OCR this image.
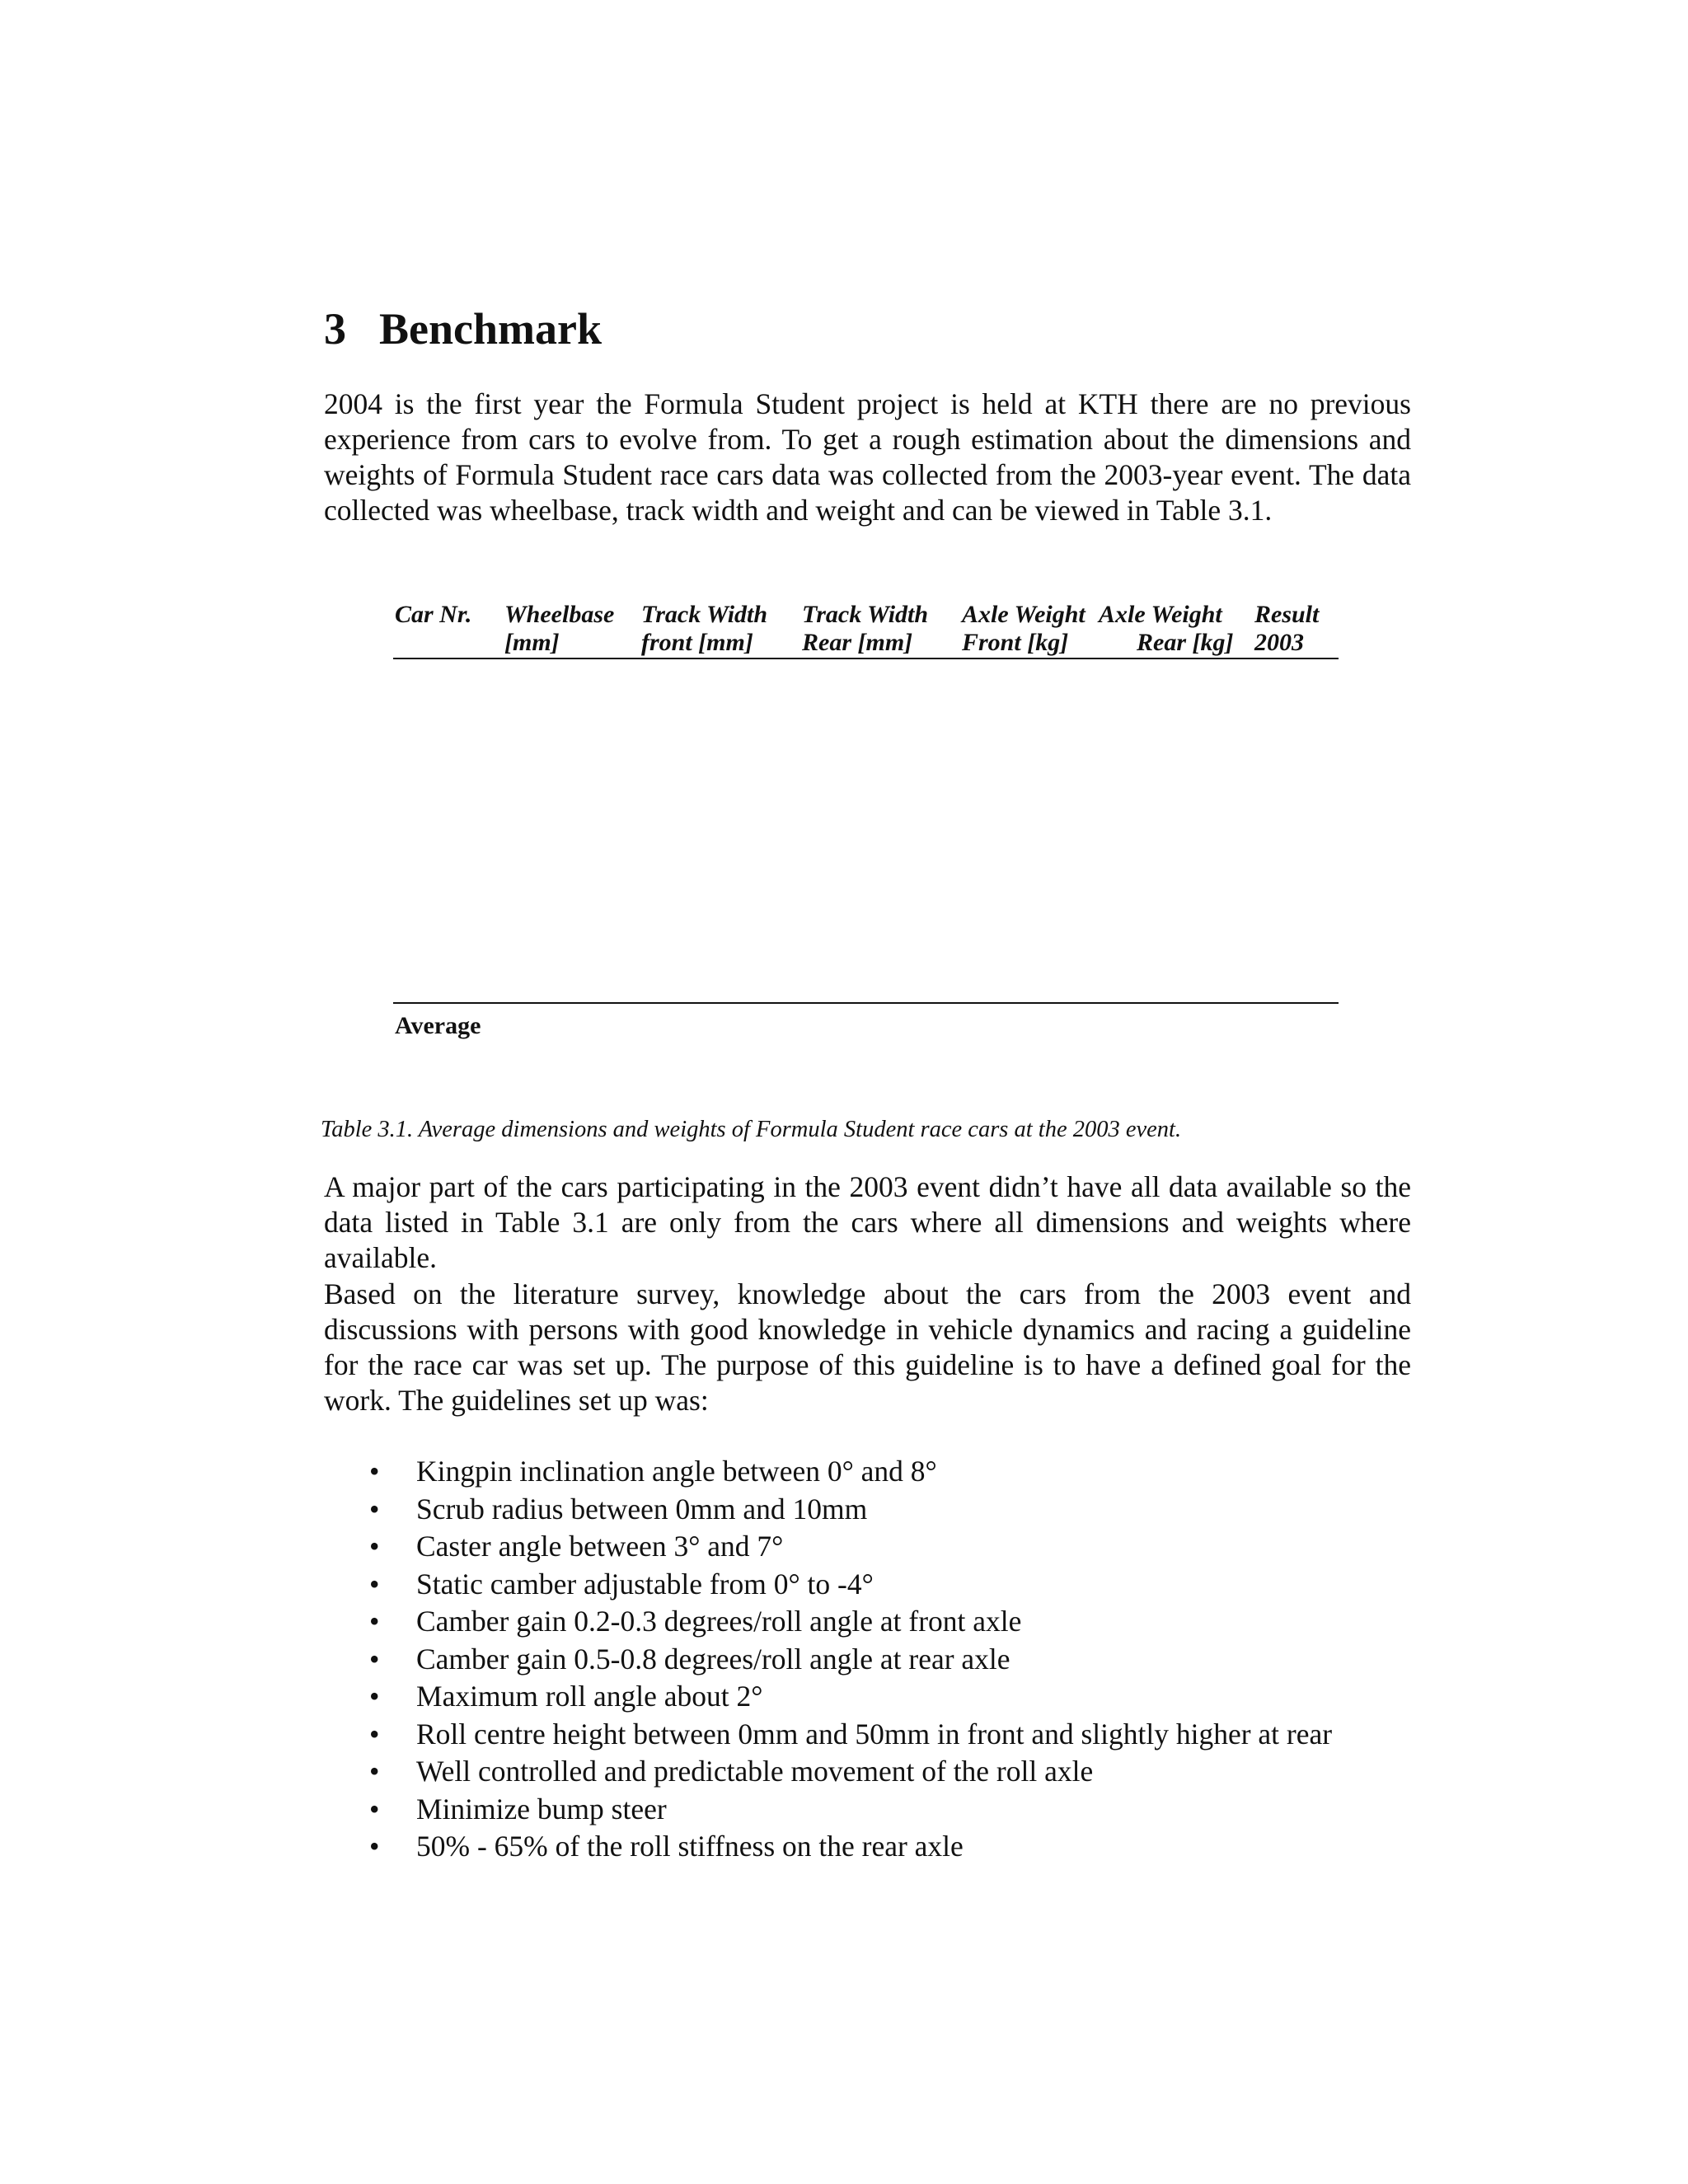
3 Benchmark
2004 is the first year the Formula Student project is held at KTH there are no previous experience from cars to evolve from. To get a rough estimation about the dimensions and weights of Formula Student race cars data was collected from the 2003-year event. The data collected was wheelbase, track width and weight and can be viewed in Table 3.1.
Car Nr. Wheelbase
[mm]
Track Width
front [mm]
Track Width
Rear [mm]
Axle Weight
Front [kg]
Axle Weight
Rear [kg]
Result
2003
Average
Table 3.1. Average dimensions and weights of Formula Student race cars at the 2003 event.
A major part of the cars participating in the 2003 event didn’t have all data available so the data listed in Table 3.1 are only from the cars where all dimensions and weights where available.
Based on the literature survey, knowledge about the cars from the 2003 event and discussions with persons with good knowledge in vehicle dynamics and racing a guideline for the race car was set up. The purpose of this guideline is to have a defined goal for the work. The guidelines set up was:
• Kingpin inclination angle between 0° and 8°
• Scrub radius between 0mm and 10mm
• Caster angle between 3° and 7°
• Static camber adjustable from 0° to -4°
• Camber gain 0.2-0.3 degrees/roll angle at front axle
• Camber gain 0.5-0.8 degrees/roll angle at rear axle
• Maximum roll angle about 2°
• Roll centre height between 0mm and 50mm in front and slightly higher at rear
• Well controlled and predictable movement of the roll axle
• Minimize bump steer
• 50% - 65% of the roll stiffness on the rear axle
